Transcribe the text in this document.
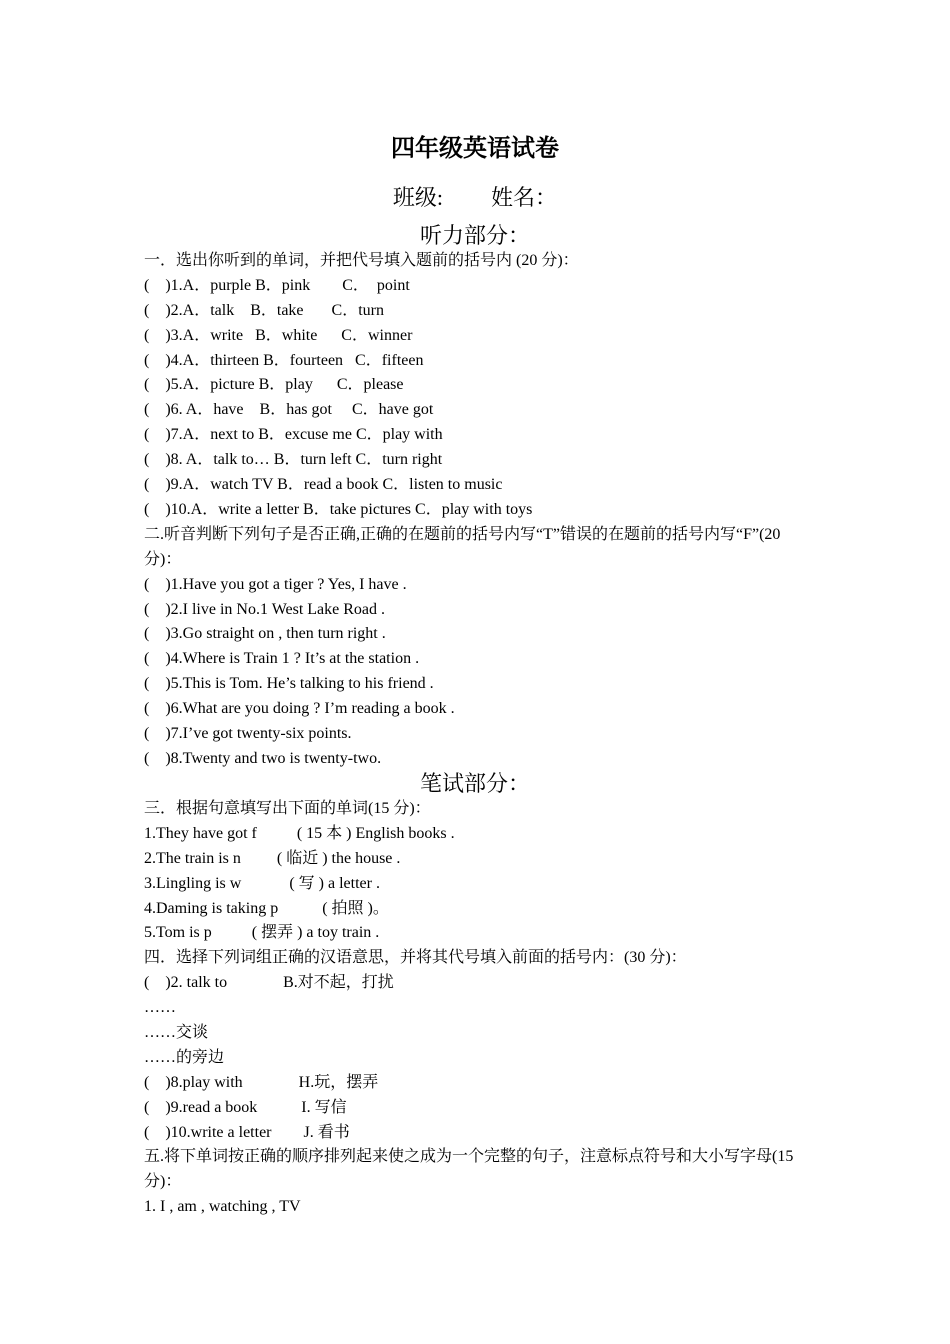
四年级英语试卷
班级: 姓名：
听力部分：
一．选出你听到的单词，并把代号填入题前的括号内 (20 分)：
(    )1.A．purple B．pink        C．  point
(    )2.A．talk    B．take       C．turn
(    )3.A．write   B．white      C．winner
(    )4.A．thirteen B．fourteen   C．fifteen
(    )5.A．picture B．play      C．please
(    )6. A．have    B．has got     C．have got
(    )7.A．next to B．excuse me C．play with
(    )8. A．talk to… B．turn left C．turn right
(    )9.A．watch TV B．read a book C．listen to music
(    )10.A．write a letter B．take pictures C．play with toys
二.听音判断下列句子是否正确,正确的在题前的括号内写“T”错误的在题前的括号内写“F”(20 分)：
(    )1.Have you got a tiger ? Yes, I have .
(    )2.I live in No.1 West Lake Road .
(    )3.Go straight on , then turn right .
(    )4.Where is Train 1 ? It’s at the station .
(    )5.This is Tom. He’s talking to his friend .
(    )6.What are you doing ? I’m reading a book .
(    )7.I’ve got twenty-six points.
(    )8.Twenty and two is twenty-two.
笔试部分：
三．根据句意填写出下面的单词(15 分)：
1.They have got f          ( 15 本 ) English books .
2.The train is n         ( 临近 ) the house .
3.Lingling is w            ( 写 ) a letter .
4.Daming is taking p           ( 拍照 )。
5.Tom is p          ( 摆弄 ) a toy train .
四．选择下列词组正确的汉语意思，并将其代号填入前面的括号内：(30 分)：
(    )2. talk to              B.对不起，打扰
……
……交谈
……的旁边
(    )8.play with              H.玩，摆弄
(    )9.read a book           I. 写信
(    )10.write a letter        J. 看书
五.将下单词按正确的顺序排列起来使之成为一个完整的句子，注意标点符号和大小写字母(15 分)：
1. I , am , watching , TV
